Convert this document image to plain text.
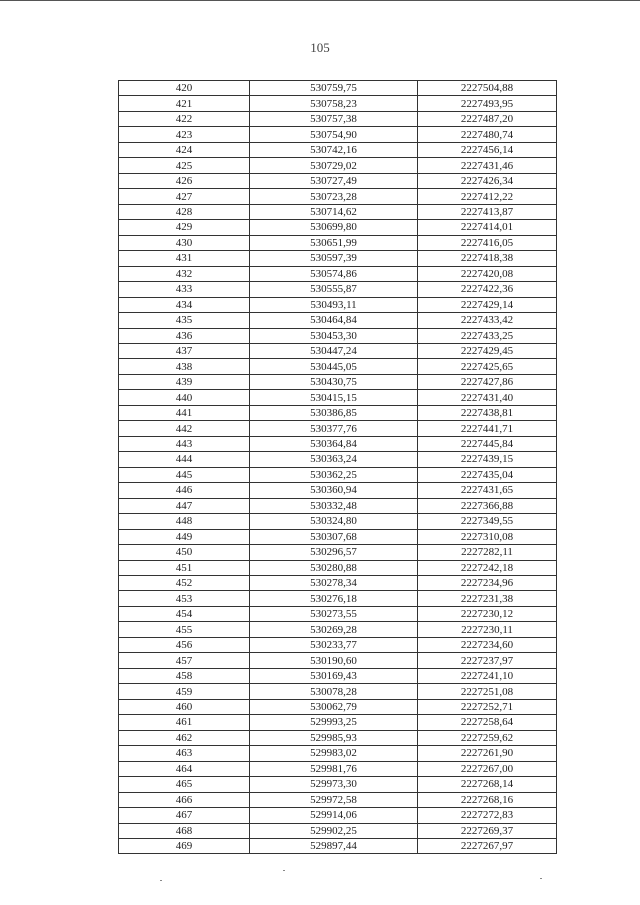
105
420	530759,75	2227504,88
421	530758,23	2227493,95
422	530757,38	2227487,20
423	530754,90	2227480,74
424	530742,16	2227456,14
425	530729,02	2227431,46
426	530727,49	2227426,34
427	530723,28	2227412,22
428	530714,62	2227413,87
429	530699,80	2227414,01
430	530651,99	2227416,05
431	530597,39	2227418,38
432	530574,86	2227420,08
433	530555,87	2227422,36
434	530493,11	2227429,14
435	530464,84	2227433,42
436	530453,30	2227433,25
437	530447,24	2227429,45
438	530445,05	2227425,65
439	530430,75	2227427,86
440	530415,15	2227431,40
441	530386,85	2227438,81
442	530377,76	2227441,71
443	530364,84	2227445,84
444	530363,24	2227439,15
445	530362,25	2227435,04
446	530360,94	2227431,65
447	530332,48	2227366,88
448	530324,80	2227349,55
449	530307,68	2227310,08
450	530296,57	2227282,11
451	530280,88	2227242,18
452	530278,34	2227234,96
453	530276,18	2227231,38
454	530273,55	2227230,12
455	530269,28	2227230,11
456	530233,77	2227234,60
457	530190,60	2227237,97
458	530169,43	2227241,10
459	530078,28	2227251,08
460	530062,79	2227252,71
461	529993,25	2227258,64
462	529985,93	2227259,62
463	529983,02	2227261,90
464	529981,76	2227267,00
465	529973,30	2227268,14
466	529972,58	2227268,16
467	529914,06	2227272,83
468	529902,25	2227269,37
469	529897,44	2227267,97
